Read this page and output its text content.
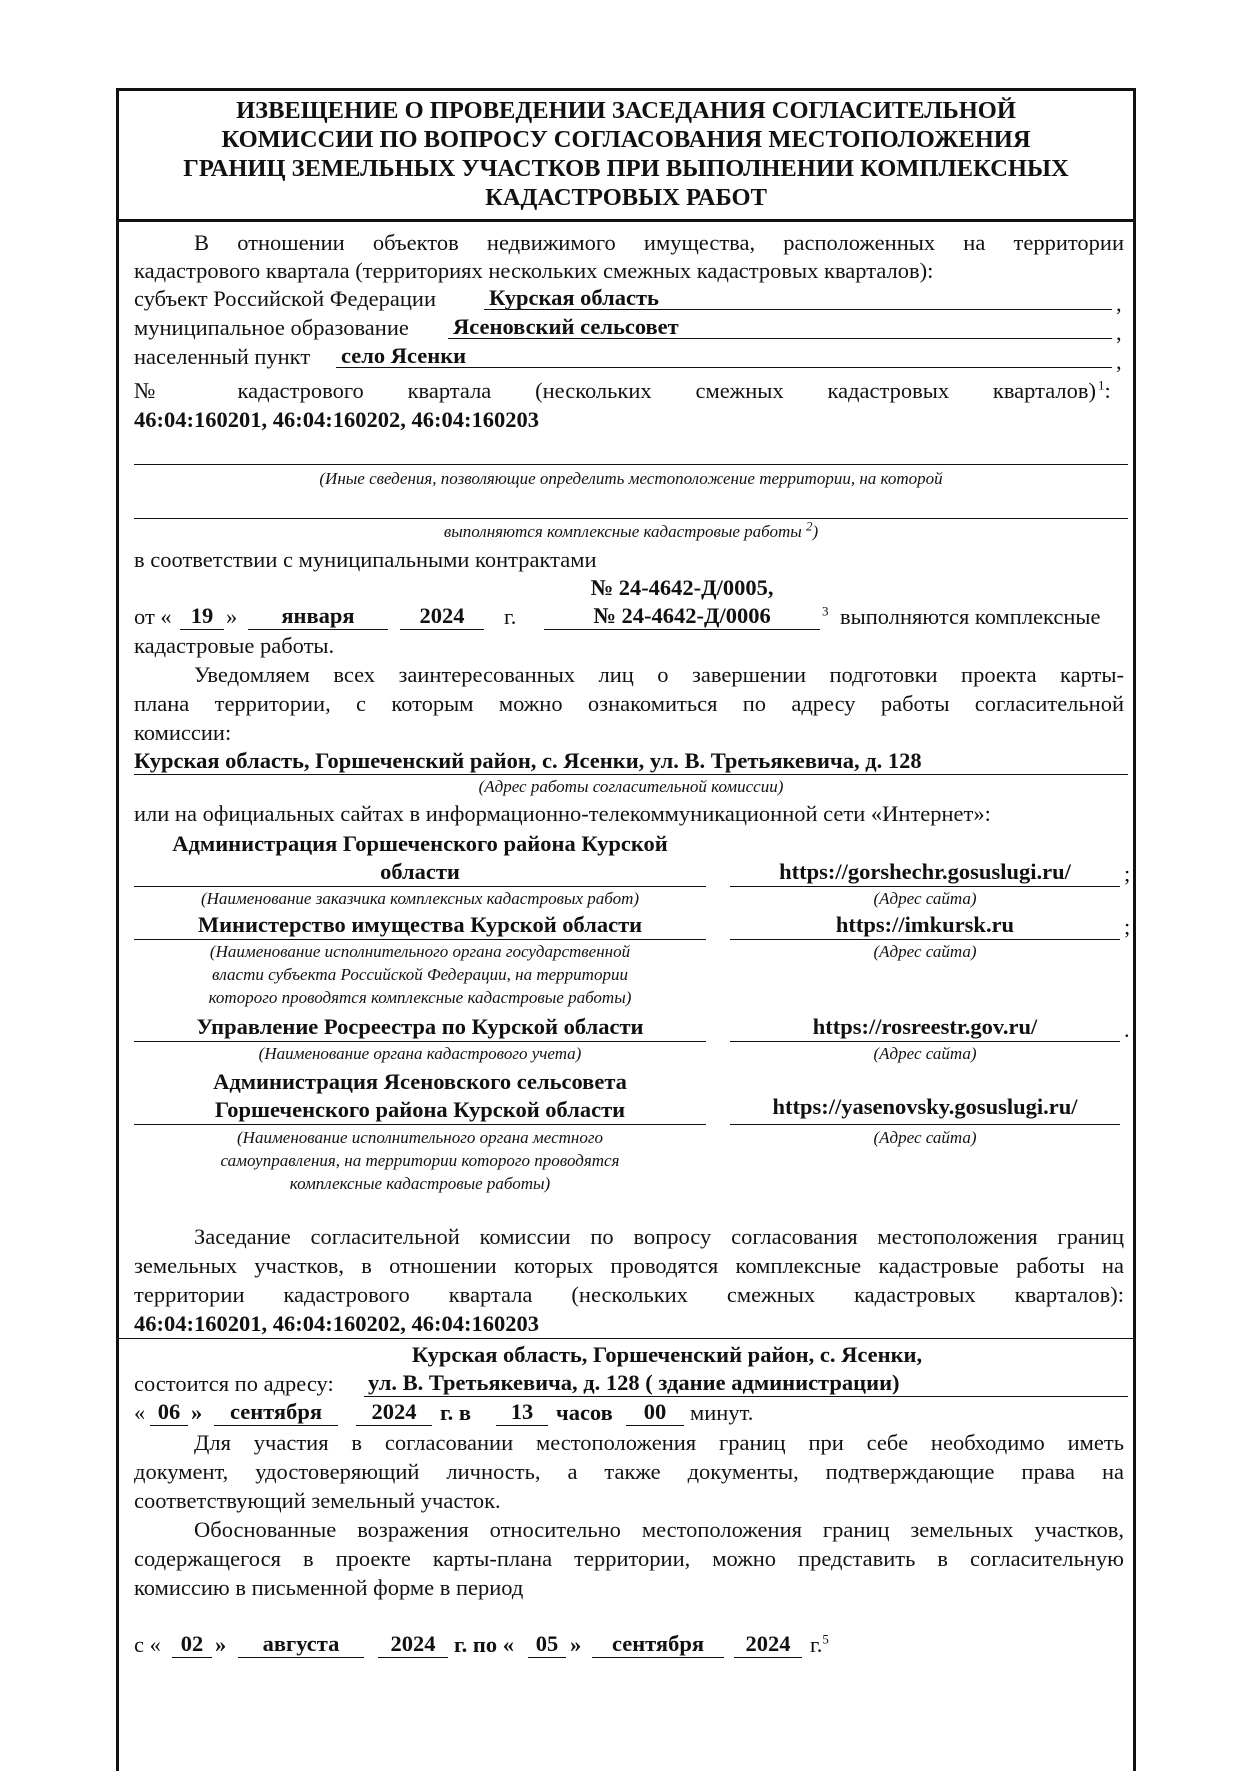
ИЗВЕЩЕНИЕ О ПРОВЕДЕНИИ ЗАСЕДАНИЯ СОГЛАСИТЕЛЬНОЙ
КОМИССИИ ПО ВОПРОСУ СОГЛАСОВАНИЯ МЕСТОПОЛОЖЕНИЯ
ГРАНИЦ ЗЕМЕЛЬНЫХ УЧАСТКОВ ПРИ ВЫПОЛНЕНИИ КОМПЛЕКСНЫХ
КАДАСТРОВЫХ РАБОТ
В отношении объектов недвижимого имущества, расположенных на территории
кадастрового квартала (территориях нескольких смежных кадастровых кварталов):
субъект Российской Федерации Курская область	,
муниципальное образование Ясеновский сельсовет	,
населенный пункт село Ясенки	,
№ кадастрового квартала (нескольких смежных кадастровых кварталов) $^1$:
46:04:160201, 46:04:160202, 46:04:160203
(Иные сведения, позволяющие определить местоположение территории, на которой
выполняются комплексные кадастровые работы $^2$)
в соответствии с муниципальными контрактами
№ 24-4642-Д/0005,
от « 19 »	января	2024	г.	№ 24-4642-Д/0006	$^3$ выполняются комплексные
кадастровые работы.
Уведомляем всех заинтересованных лиц о завершении подготовки проекта карты-
плана территории, с которым можно ознакомиться по адресу работы согласительной
комиссии:
Курская область, Горшеченский район, с. Ясенки, ул. В. Третьякевича, д. 128
(Адрес работы согласительной комиссии)
или на официальных сайтах в информационно-телекоммуникационной сети «Интернет»:
Администрация Горшеченского района Курской
области	https://gorshechr.gosuslugi.ru/	;
(Наименование заказчика комплексных кадастровых работ)	(Адрес сайта)
Министерство имущества Курской области	https://imkursk.ru	;
(Наименование исполнительного органа государственной
власти субъекта Российской Федерации, на территории
которого проводятся комплексные кадастровые работы)
(Адрес сайта)
Управление Росреестра по Курской области	https://rosreestr.gov.ru/	.
(Наименование органа кадастрового учета)	(Адрес сайта)
Администрация Ясеновского сельсовета
Горшеченского района Курской области	https://yasenovsky.gosuslugi.ru/
(Наименование исполнительного органа местного
самоуправления, на территории которого проводятся
комплексные кадастровые работы)
(Адрес сайта)
Заседание согласительной комиссии по вопросу согласования местоположения границ
земельных участков, в отношении которых проводятся комплексные кадастровые работы на
территории кадастрового квартала (нескольких смежных кадастровых кварталов):
46:04:160201, 46:04:160202, 46:04:160203
Курская область, Горшеченский район, с. Ясенки,
состоится по адресу: ул. В. Третьякевича, д. 128 ( здание администрации)
« 06 »	сентября	2024	г. в	13	часов	00	минут.
Для участия в согласовании местоположения границ при себе необходимо иметь
документ, удостоверяющий личность, а также документы, подтверждающие права на
соответствующий земельный участок.
Обоснованные возражения относительно местоположения границ земельных участков,
содержащегося в проекте карты-плана территории, можно представить в согласительную
комиссию в письменной форме в период
с « 02 »	августа	2024 г. по « 05 »	сентября	2024 г.$^5$
